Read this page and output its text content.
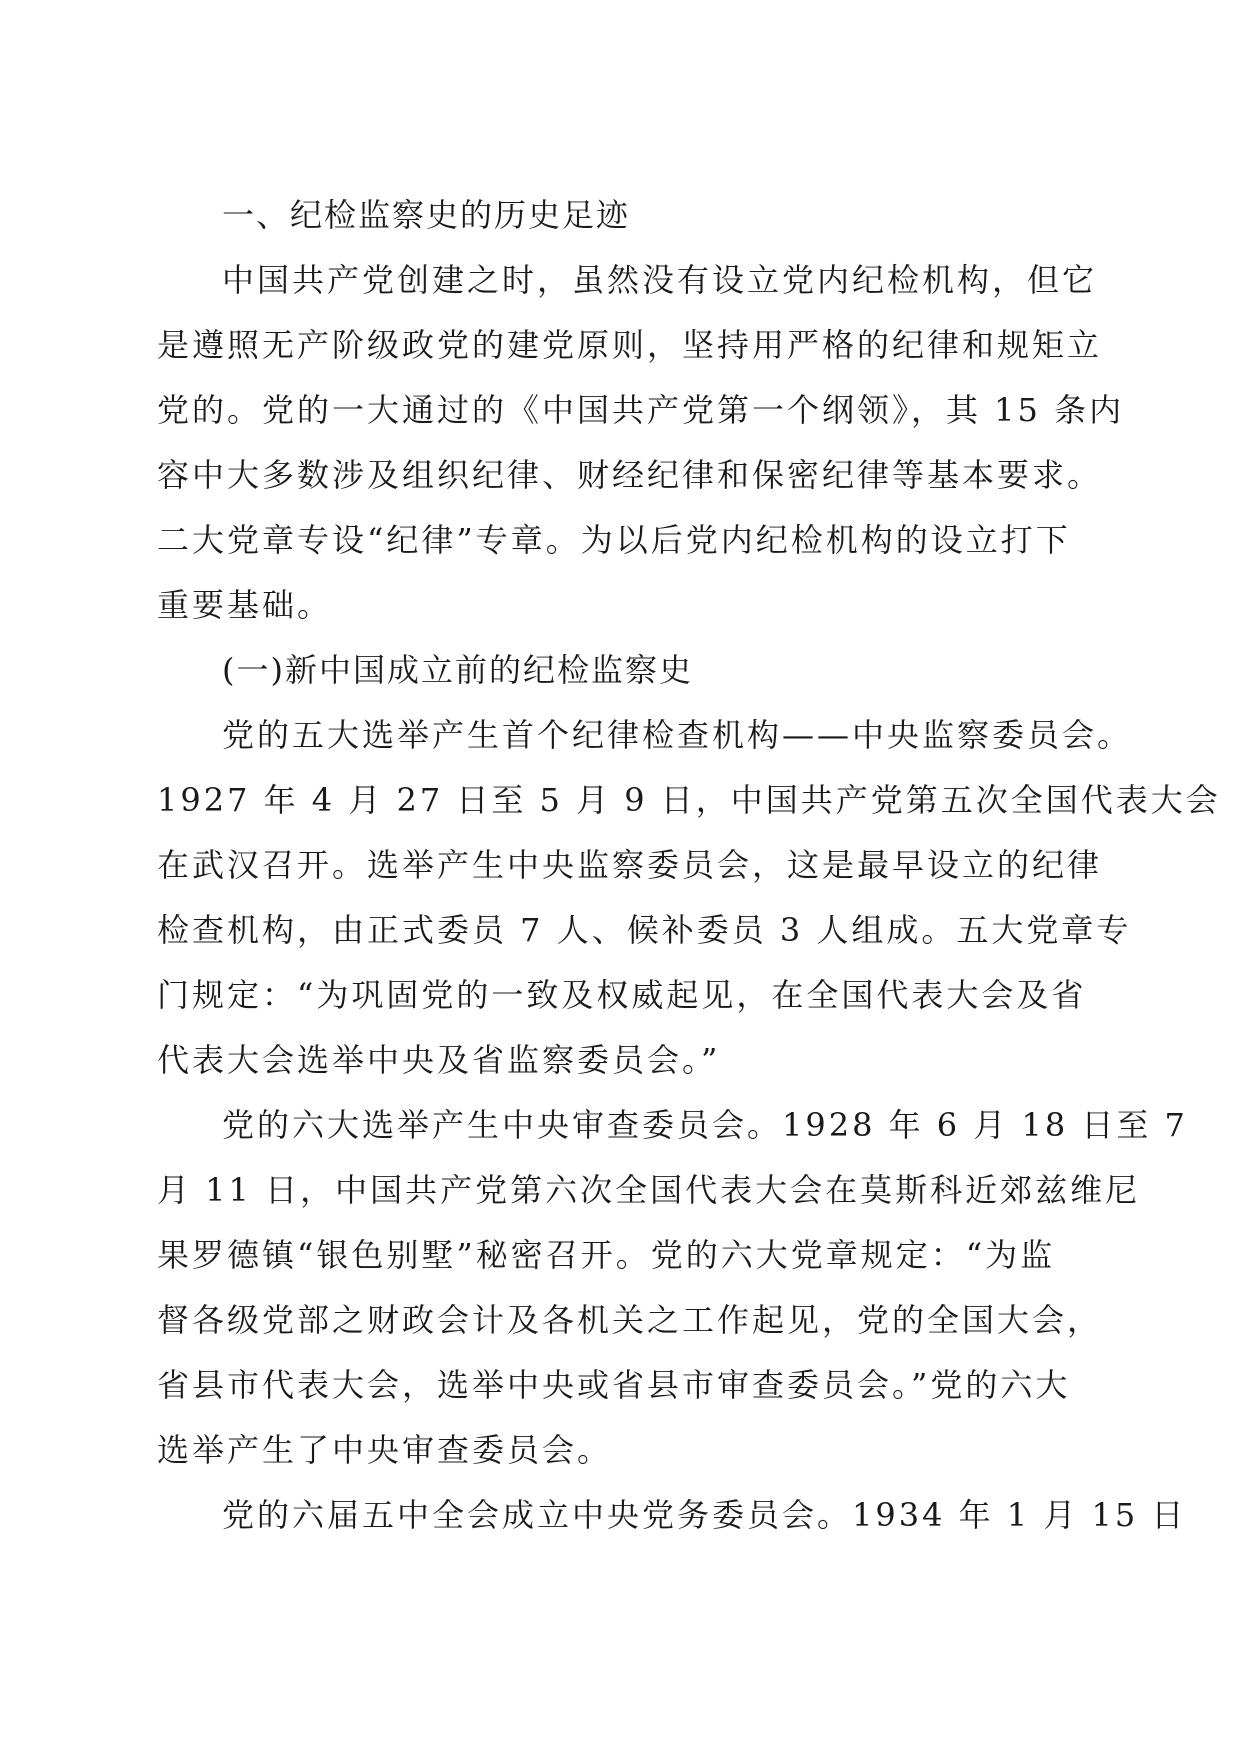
一、纪检监察史的历史足迹
中国共产党创建之时，虽然没有设立党内纪检机构，但它
是遵照无产阶级政党的建党原则，坚持用严格的纪律和规矩立
党的。党的一大通过的《中国共产党第一个纲领》，其 15 条内
容中大多数涉及组织纪律、财经纪律和保密纪律等基本要求。
二大党章专设“纪律”专章。为以后党内纪检机构的设立打下
重要基础。
(一)新中国成立前的纪检监察史
党的五大选举产生首个纪律检查机构——中央监察委员会。
1927 年 4 月 27 日至 5 月 9 日，中国共产党第五次全国代表大会
在武汉召开。选举产生中央监察委员会，这是最早设立的纪律
检查机构，由正式委员 7 人、候补委员 3 人组成。五大党章专
门规定：“为巩固党的一致及权威起见，在全国代表大会及省
代表大会选举中央及省监察委员会。”
党的六大选举产生中央审查委员会。1928 年 6 月 18 日至 7
月 11 日，中国共产党第六次全国代表大会在莫斯科近郊兹维尼
果罗德镇“银色别墅”秘密召开。党的六大党章规定：“为监
督各级党部之财政会计及各机关之工作起见，党的全国大会，
省县市代表大会，选举中央或省县市审查委员会。”党的六大
选举产生了中央审查委员会。
党的六届五中全会成立中央党务委员会。1934 年 1 月 15 日
